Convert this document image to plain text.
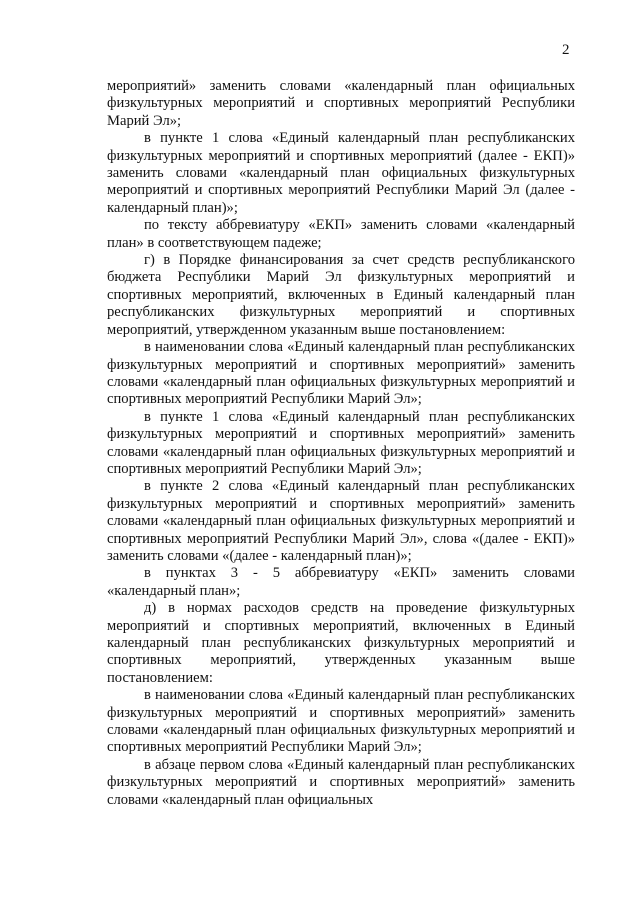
2

мероприятий» заменить словами «календарный план официальных физкультурных мероприятий и спортивных мероприятий Республики Марий Эл»;

в пункте 1 слова «Единый календарный план республиканских физкультурных мероприятий и спортивных мероприятий (далее - ЕКП)» заменить словами «календарный план официальных физкультурных мероприятий и спортивных мероприятий Республики Марий Эл (далее - календарный план)»;

по тексту аббревиатуру «ЕКП» заменить словами «календарный план» в соответствующем падеже;

г) в Порядке финансирования за счет средств республиканского бюджета Республики Марий Эл физкультурных мероприятий и спортивных мероприятий, включенных в Единый календарный план республиканских физкультурных мероприятий и спортивных мероприятий, утвержденном указанным выше постановлением:

в наименовании слова «Единый календарный план республиканских физкультурных мероприятий и спортивных мероприятий» заменить словами «календарный план официальных физкультурных мероприятий и спортивных мероприятий Республики Марий Эл»;

в пункте 1 слова «Единый календарный план республиканских физкультурных мероприятий и спортивных мероприятий» заменить словами «календарный план официальных физкультурных мероприятий и спортивных мероприятий Республики Марий Эл»;

в пункте 2 слова «Единый календарный план республиканских физкультурных мероприятий и спортивных мероприятий» заменить словами «календарный план официальных физкультурных мероприятий и спортивных мероприятий Республики Марий Эл», слова «(далее - ЕКП)» заменить словами «(далее - календарный план)»;

в пунктах 3 - 5 аббревиатуру «ЕКП» заменить словами «календарный план»;

д) в нормах расходов средств на проведение физкультурных мероприятий и спортивных мероприятий, включенных в Единый календарный план республиканских физкультурных мероприятий и спортивных мероприятий, утвержденных указанным выше постановлением:

в наименовании слова «Единый календарный план республиканских физкультурных мероприятий и спортивных мероприятий» заменить словами «календарный план официальных физкультурных мероприятий и спортивных мероприятий Республики Марий Эл»;

в абзаце первом слова «Единый календарный план республиканских физкультурных мероприятий и спортивных мероприятий» заменить словами «календарный план официальных
